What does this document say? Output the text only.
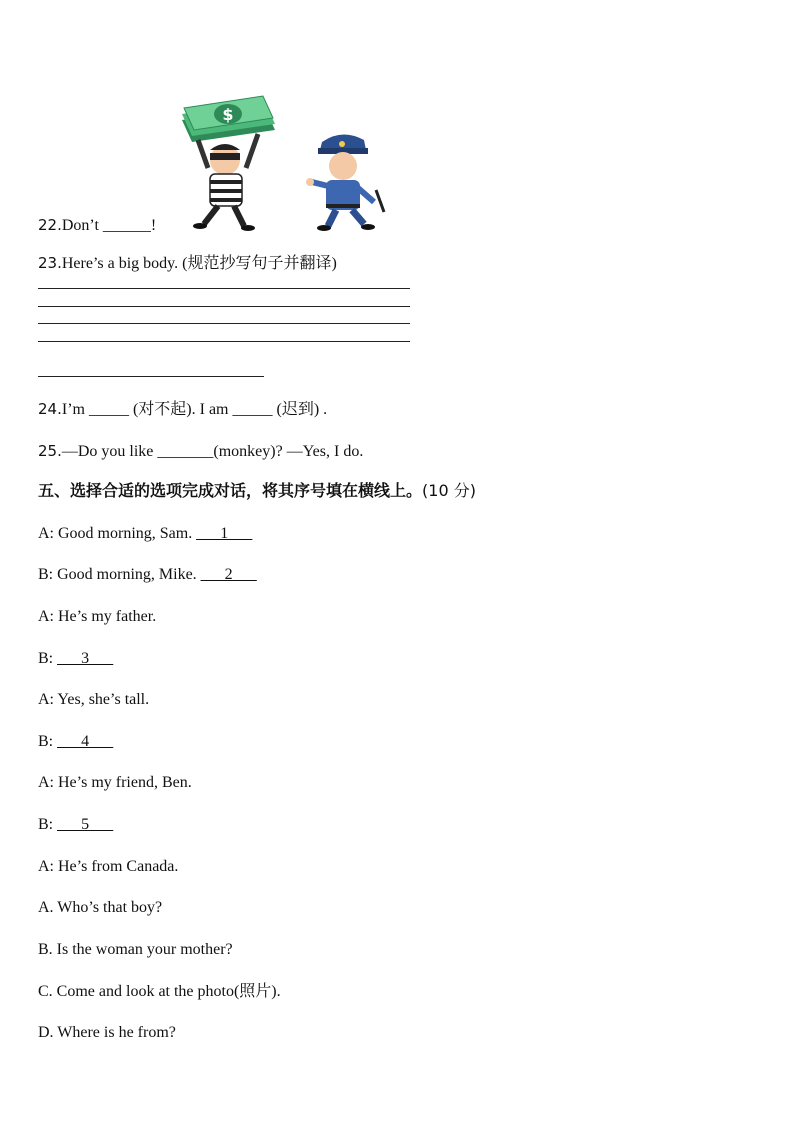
$
22.Don’t ______!
23.Here’s a big body. (规范抄写句子并翻译)
24.I’m _____ (对不起). I am _____ (迟到) .
25.—Do you like _______(monkey)? —Yes, I do.
五、选择合适的选项完成对话，将其序号填在横线上。(10 分)
A: Good morning, Sam. ___1___
B: Good morning, Mike. ___2___
A: He’s my father.
B: ___3___
A: Yes, she’s tall.
B: ___4___
A: He’s my friend, Ben.
B: ___5___
A: He’s from Canada.
A. Who’s that boy?
B. Is the woman your mother?
C. Come and look at the photo(照片).
D. Where is he from?
